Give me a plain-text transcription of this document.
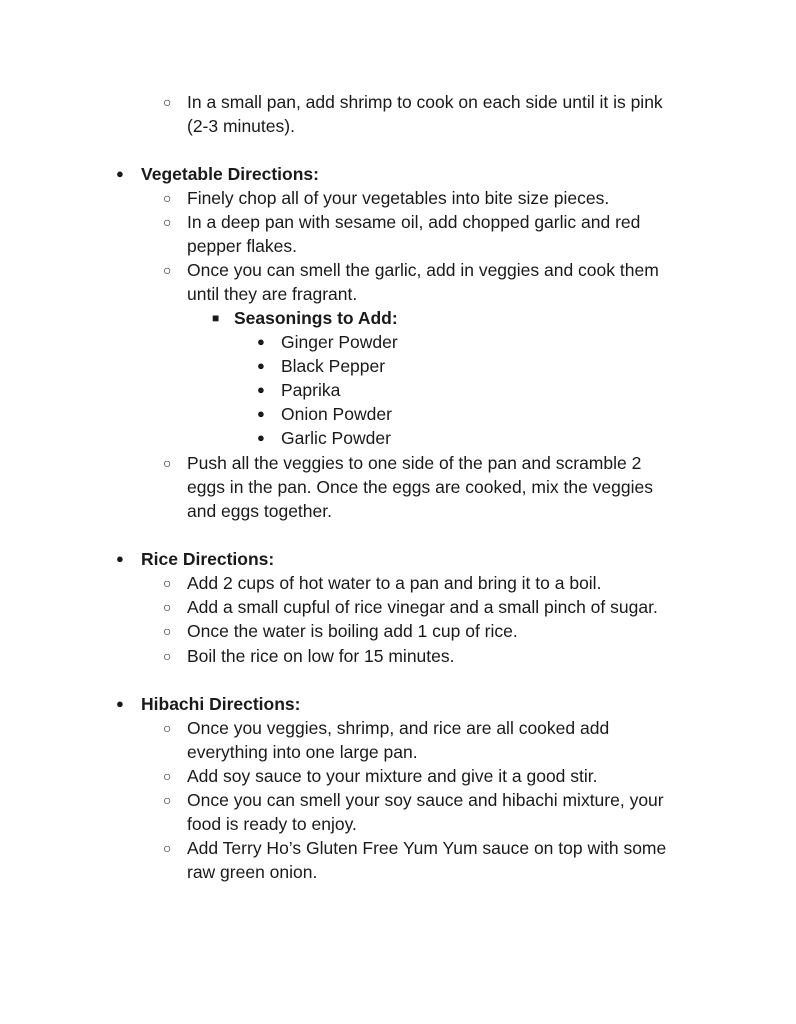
○ In a small pan, add shrimp to cook on each side until it is pink
(2-3 minutes).
● Vegetable Directions:
○ Finely chop all of your vegetables into bite size pieces.
○ In a deep pan with sesame oil, add chopped garlic and red
pepper flakes.
○ Once you can smell the garlic, add in veggies and cook them
until they are fragrant.
■ Seasonings to Add:
● Ginger Powder
● Black Pepper
● Paprika
● Onion Powder
● Garlic Powder
○ Push all the veggies to one side of the pan and scramble 2
eggs in the pan. Once the eggs are cooked, mix the veggies
and eggs together.
● Rice Directions:
○ Add 2 cups of hot water to a pan and bring it to a boil.
○ Add a small cupful of rice vinegar and a small pinch of sugar.
○ Once the water is boiling add 1 cup of rice.
○ Boil the rice on low for 15 minutes.
● Hibachi Directions:
○ Once you veggies, shrimp, and rice are all cooked add
everything into one large pan.
○ Add soy sauce to your mixture and give it a good stir.
○ Once you can smell your soy sauce and hibachi mixture, your
food is ready to enjoy.
○ Add Terry Ho’s Gluten Free Yum Yum sauce on top with some
raw green onion.
